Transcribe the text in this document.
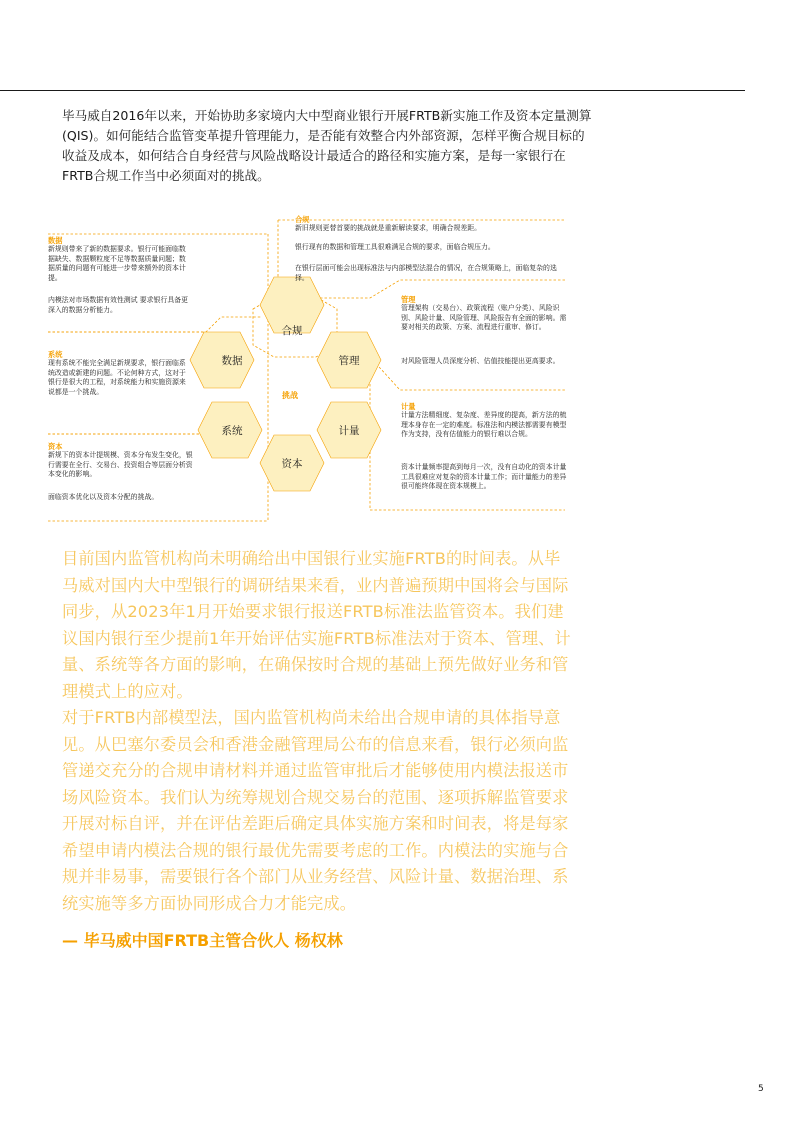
毕马威自2016年以来，开始协助多家境内大中型商业银行开展FRTB新实施工作及资本定量测算 (QIS)。如何能结合监管变革提升管理能力，是否能有效整合内外部资源，怎样平衡合规目标的收益及成本，如何结合自身经营与风险战略设计最适合的路径和实施方案，是每一家银行在FRTB合规工作当中必须面对的挑战。

合规
数据	管理
挑战
系统	计量
资本
数据

新规则带来了新的数据要求。银行可能面临数据缺失、数据颗粒度不足等数据质量问题；数据质量的问题有可能进一步带来额外的资本计提。

内模法对市场数据有效性测试 要求银行具备更深入的数据分析能力。

系统

现有系统不能完全满足新规要求，银行面临系统改造或新建的问题。不论何种方式，这对于银行是很大的工程，对系统能力和实施资源来说都是一个挑战。

资本

新规下的资本计提规模、资本分布发生变化，银行需要在全行、交易台、投资组合等层面分析资本变化的影响。

面临资本优化以及资本分配的挑战。

合规

新旧规则更替首要的挑战就是重新解读要求，明确合规差距。

银行现有的数据和管理工具很难满足合规的要求，面临合规压力。

在银行层面可能会出现标准法与内部模型法混合的情况，在合规策略上，面临复杂的选择。

管理

管理架构（交易台）、政策流程（账户分类）、风险识别、风险计量、风险管理、风险报告有全面的影响。需要对相关的政策、方案、流程进行重审、修订。

对风险管理人员深度分析、估值技能提出更高要求。

计量

计量方法精细度、复杂度、差异度的提高，新方法的梳理本身存在一定的难度。标准法和内模法都需要有模型作为支持，没有估值能力的银行难以合规。

资本计量频率提高到每月一次，没有自动化的资本计量工具很难应对复杂的资本计量工作；而计量能力的差异很可能终体现在资本规模上。

目前国内监管机构尚未明确给出中国银行业实施FRTB的时间表。从毕马威对国内大中型银行的调研结果来看，业内普遍预期中国将会与国际同步，从2023年1月开始要求银行报送FRTB标准法监管资本。我们建议国内银行至少提前1年开始评估实施FRTB标准法对于资本、管理、计量、系统等各方面的影响，在确保按时合规的基础上预先做好业务和管理模式上的应对。

对于FRTB内部模型法，国内监管机构尚未给出合规申请的具体指导意见。从巴塞尔委员会和香港金融管理局公布的信息来看，银行必须向监管递交充分的合规申请材料并通过监管审批后才能够使用内模法报送市场风险资本。我们认为统筹规划合规交易台的范围、逐项拆解监管要求开展对标自评，并在评估差距后确定具体实施方案和时间表，将是每家希望申请内模法合规的银行最优先需要考虑的工作。内模法的实施与合规并非易事，需要银行各个部门从业务经营、风险计量、数据治理、系统实施等多方面协同形成合力才能完成。

— 毕马威中国FRTB主管合伙人 杨权林

5
